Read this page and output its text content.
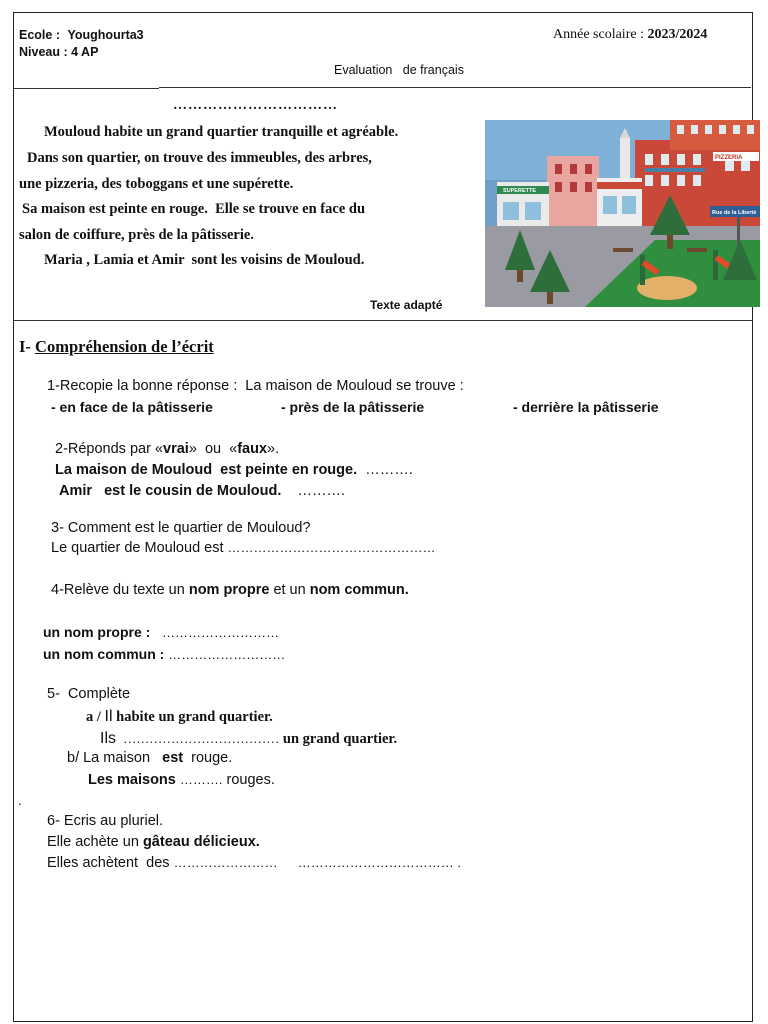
Ecole : Youghourta3
Niveau : 4 AP
Année scolaire : 2023/2024
Evaluation   de français
……………………………
Mouloud habite un grand quartier tranquille et agréable.
Dans son quartier, on trouve des immeubles, des arbres,
une pizzeria, des toboggans et une supérette.
Sa maison est peinte en rouge.  Elle se trouve en face du
salon de coiffure, près de la pâtisserie.
Maria , Lamia et Amir  sont les voisins de Mouloud.
Texte adapté
PIZZERIA
SUPERETTE
Rue de la Liberté
I- Compréhension de l’écrit
1-Recopie la bonne réponse :  La maison de Mouloud se trouve :
- en face de la pâtisserie	- près de la pâtisserie	- derrière la pâtisserie
2-Réponds par «vrai»  ou  «faux».
La maison de Mouloud  est peinte en rouge. ……….
Amir   est le cousin de Mouloud. ……….
3- Comment est le quartier de Mouloud?
Le quartier de Mouloud est …………………………………………
4-Relève du texte un nom propre et un nom commun.
un nom propre : ………………………
un nom commun : ………………………
5-  Complète
a / Il habite un grand quartier.
Ils ……………………………… un grand quartier.
b/ La maison est rouge.
Les maisons ………. rouges.
.
6- Ecris au pluriel.
Elle achète un gâteau délicieux.
Elles achètent  des …………………… ……………………………… .
